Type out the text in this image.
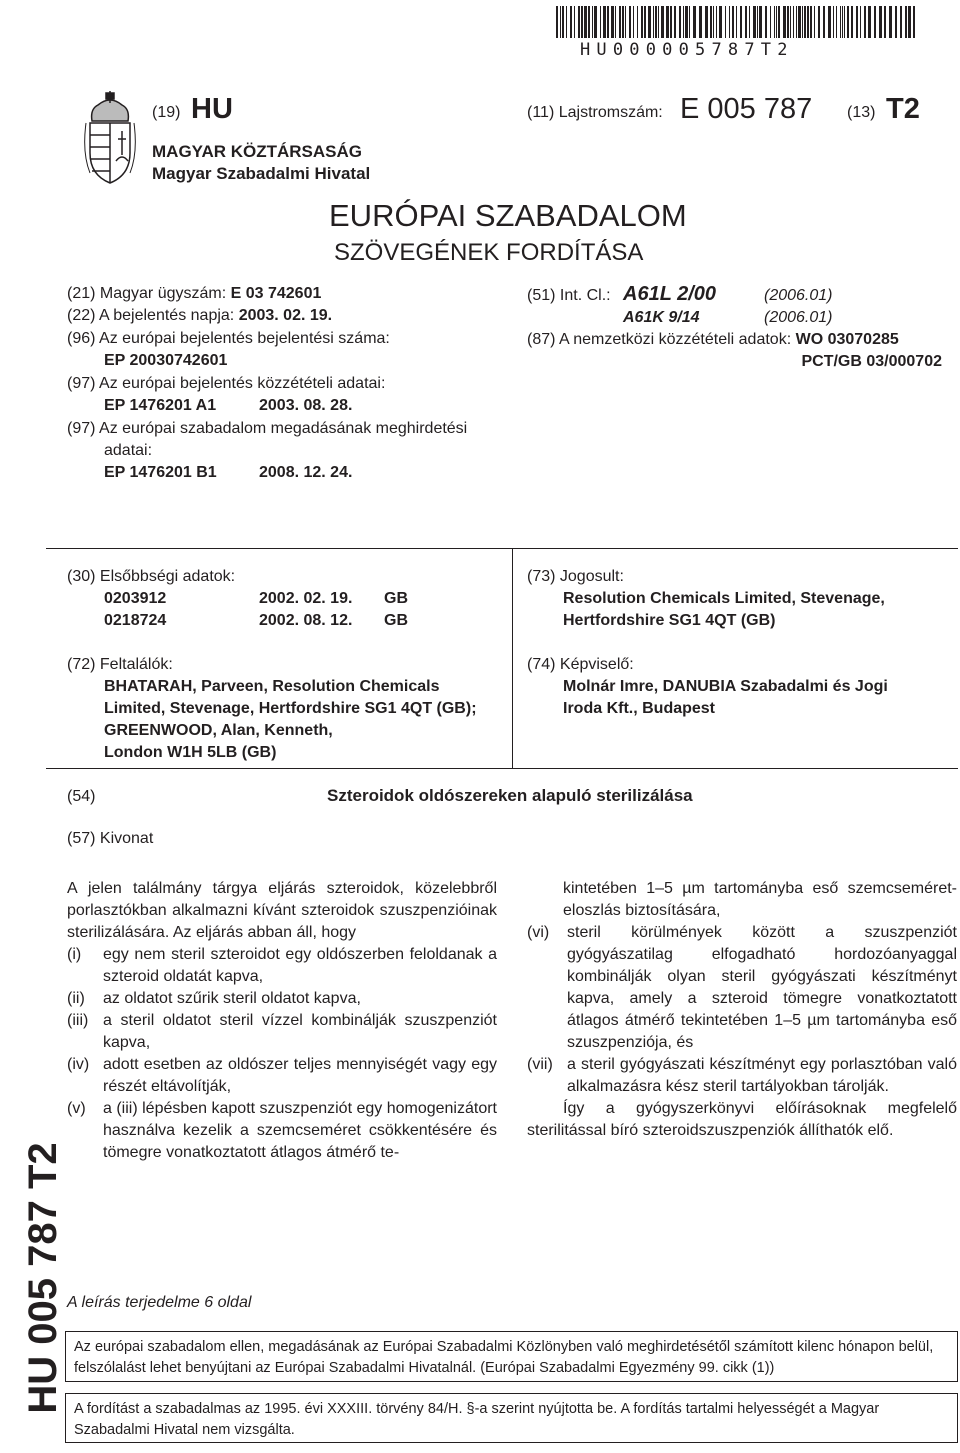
HU000005787T2
(19) HU	(11) Lajstromszám: E 005 787 (13) T2
MAGYAR KÖZTÁRSASÁG
Magyar Szabadalmi Hivatal
EURÓPAI SZABADALOM
SZÖVEGÉNEK FORDÍTÁSA
(21) Magyar ügyszám: E 03 742601
(22) A bejelentés napja: 2003. 02. 19.
(96) Az európai bejelentés bejelentési száma:
EP 20030742601
(97) Az európai bejelentés közzétételi adatai:
EP 1476201 A1	2003. 08. 28.
(97) Az európai szabadalom megadásának meghirdetési
adatai:
EP 1476201 B1	2008. 12. 24.
(51) Int. Cl.: A61L 2/00	(2006.01)
A61K 9/14	(2006.01)
(87) A nemzetközi közzétételi adatok: WO 03070285
PCT/GB 03/000702
(30) Elsőbbségi adatok:
0203912	2002. 02. 19. GB
0218724	2002. 08. 12. GB
(72) Feltalálók:
BHATARAH, Parveen, Resolution Chemicals
Limited, Stevenage, Hertfordshire SG1 4QT (GB);
GREENWOOD, Alan, Kenneth,
London W1H 5LB (GB)
(73) Jogosult:
Resolution Chemicals Limited, Stevenage,
Hertfordshire SG1 4QT (GB)
(74) Képviselő:
Molnár Imre, DANUBIA Szabadalmi és Jogi
Iroda Kft., Budapest
(54)	Szteroidok oldószereken alapuló sterilizálása
(57) Kivonat

A jelen találmány tárgya eljárás szteroidok, közelebbről porlasztókban alkalmazni kívánt szteroidok szuszpenzióinak sterilizálására. Az eljárás abban áll, hogy

(i)	egy nem steril szteroidot egy oldószerben feloldanak a szteroid oldatát kapva,
(ii)	az oldatot szűrik steril oldatot kapva,
(iii) a steril oldatot steril vízzel kombinálják szuszpenziót kapva,
(iv) adott esetben az oldószer teljes mennyiségét vagy egy részét eltávolítják,
(v)	a (iii) lépésben kapott szuszpenziót egy homogenizátort használva kezelik a szemcseméret csökkentésére és tömegre vonatkoztatott átlagos átmérő te-
kintetében 1–5 µm tartományba eső szemcseméret-eloszlás biztosítására,
(vi)	steril körülmények között a szuszpenziót gyógyászatilag elfogadható hordozóanyaggal kombinálják olyan steril gyógyászati készítményt kapva, amely a szteroid tömegre vonatkoztatott átlagos átmérő tekintetében 1–5 µm tartományba eső szuszpenziója, és
(vii) a steril gyógyászati készítményt egy porlasztóban való alkalmazásra kész steril tartályokban tárolják.

Így a gyógyszerkönyvi előírásoknak megfelelő sterilitással bíró szteroidszuszpenziók állíthatók elő.

HU 005 787 T2 A leírás terjedelme 6 oldal
Az európai szabadalom ellen, megadásának az Európai Szabadalmi Közlönyben való meghirdetésétől számított kilenc hónapon belül, felszólalást lehet benyújtani az Európai Szabadalmi Hivatalnál. (Európai Szabadalmi Egyezmény 99. cikk (1))
A fordítást a szabadalmas az 1995. évi XXXIII. törvény 84/H. §-a szerint nyújtotta be. A fordítás tartalmi helyességét a Magyar Szabadalmi Hivatal nem vizsgálta.
